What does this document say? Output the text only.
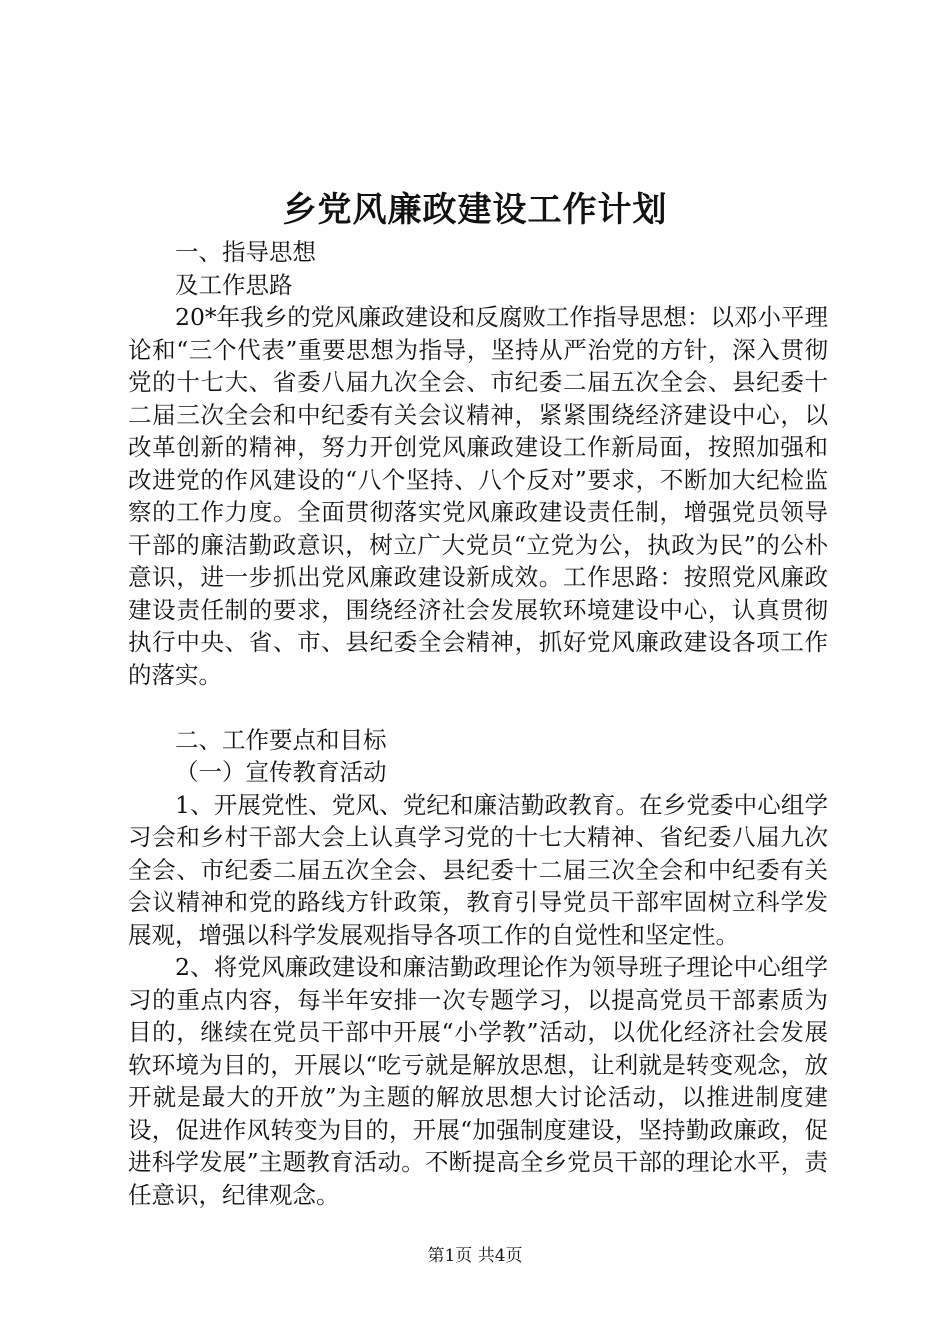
乡党风廉政建设工作计划

一、指导思想

及工作思路

20*年我乡的党风廉政建设和反腐败工作指导思想：以邓小平理论和“三个代表”重要思想为指导，坚持从严治党的方针，深入贯彻党的十七大、省委八届九次全会、市纪委二届五次全会、县纪委十二届三次全会和中纪委有关会议精神，紧紧围绕经济建设中心，以改革创新的精神，努力开创党风廉政建设工作新局面，按照加强和改进党的作风建设的“八个坚持、八个反对”要求，不断加大纪检监察的工作力度。全面贯彻落实党风廉政建设责任制，增强党员领导干部的廉洁勤政意识，树立广大党员“立党为公，执政为民”的公朴意识，进一步抓出党风廉政建设新成效。工作思路：按照党风廉政建设责任制的要求，围绕经济社会发展软环境建设中心，认真贯彻执行中央、省、市、县纪委全会精神，抓好党风廉政建设各项工作的落实。

二、工作要点和目标

（一）宣传教育活动

1、开展党性、党风、党纪和廉洁勤政教育。在乡党委中心组学习会和乡村干部大会上认真学习党的十七大精神、省纪委八届九次全会、市纪委二届五次全会、县纪委十二届三次全会和中纪委有关会议精神和党的路线方针政策，教育引导党员干部牢固树立科学发展观，增强以科学发展观指导各项工作的自觉性和坚定性。

2、将党风廉政建设和廉洁勤政理论作为领导班子理论中心组学习的重点内容，每半年安排一次专题学习，以提高党员干部素质为目的，继续在党员干部中开展“小学教”活动，以优化经济社会发展软环境为目的，开展以“吃亏就是解放思想，让利就是转变观念，放开就是最大的开放”为主题的解放思想大讨论活动，以推进制度建设，促进作风转变为目的，开展“加强制度建设，坚持勤政廉政，促进科学发展”主题教育活动。不断提高全乡党员干部的理论水平，责任意识，纪律观念。

第1页 共4页
